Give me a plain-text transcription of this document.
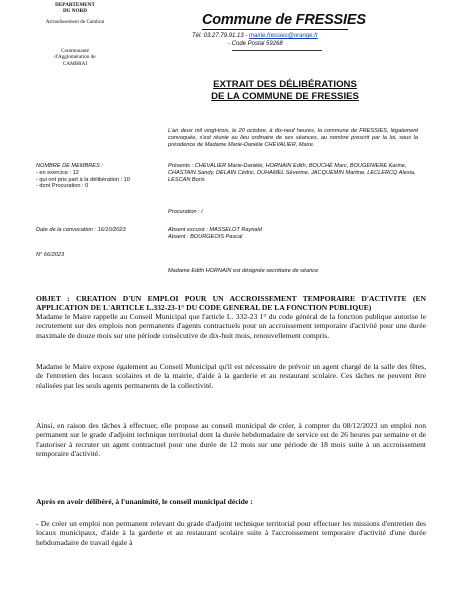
DEPARTEMENT
DU NORD
Arrondissement de Cambrai
Communauté
d'Agglomération de
CAMBRAI
Commune de FRESSIES
Tél. 03.27.79.91.13 - mairie.fressies@orange.fr
- Code Postal 59268
EXTRAIT DES DÉLIBÉRATIONS
DE LA COMMUNE DE FRESSIES
L'an deux mil vingt-trois, le 20 octobre, à dix-neuf heures, la commune de FRESSIES, légalement convoquée, s'est réunie au lieu ordinaire de ses séances, au nombre prescrit par la loi, sous la présidence de Madame Marie-Danièle CHEVALIER, Maire.
Présents : CHEVALIER Marie-Danièle, HORNAIN Edith, BOUCHÉ Marc, BOUGENIERE Karine, CHASTAIN Sandy, DELAIN Cédric, DUHAMEL Séverine, JACQUEMIN Martine, LECLERCQ Alexia, LESCAN Boris
NOMBRE DE MEMBRES :
- en exercice : 12
- qui ont pris part à la délibération : 10
- dont Procuration : 0
Procuration : /
Date de la convocation : 16/10/2023	Absent excusé : MASSELOT Raynald
Absent : BOURGEOIS Pascal
N° 66/2023
Madame Edith HORNAIN est désignée secrétaire de séance
OBJET : CREATION D'UN EMPLOI POUR UN ACCROISSEMENT TEMPORAIRE D'ACTIVITE (EN APPLICATION DE L'ARTICLE L.332-23-1° DU CODE GENERAL DE LA FONCTION PUBLIQUE)
Madame le Maire rappelle au Conseil Municipal que l'article L. 332-23 1° du code général de la fonction publique autorise le recrutement sur des emplois non permanents d'agents contractuels pour un accroissement temporaire d'activité pour une durée maximale de douze mois sur une période consécutive de dix-huit mois, renouvellement compris.
Madame le Maire expose également au Conseil Municipal qu'il est nécessaire de prévoir un agent chargé de la salle des fêtes, de l'entretien des locaux scolaires et de la mairie, d'aide à la garderie et au restaurant scolaire. Ces tâches ne peuvent être réalisées par les seuls agents permanents de la collectivité.
Ainsi, en raison des tâches à effectuer, elle propose au conseil municipal de créer, à compter du 08/12/2023 un emploi non permanent sur le grade d'adjoint technique territorial dont la durée hebdomadaire de service est de 26 heures par semaine et de l'autoriser à recruter un agent contractuel pour une durée de 12 mois sur une période de 18 mois suite à un accroissement temporaire d'activité.
Après en avoir délibéré, à l'unanimité, le conseil municipal décide :
- De créer un emploi non permanent relevant du grade d'adjoint technique territorial pour effectuer les missions d'entretien des locaux municipaux, d'aide à la garderie et au restaurant scolaire suite à l'accroissement temporaire d'activité d'une durée hebdomadaire de travail égale à
